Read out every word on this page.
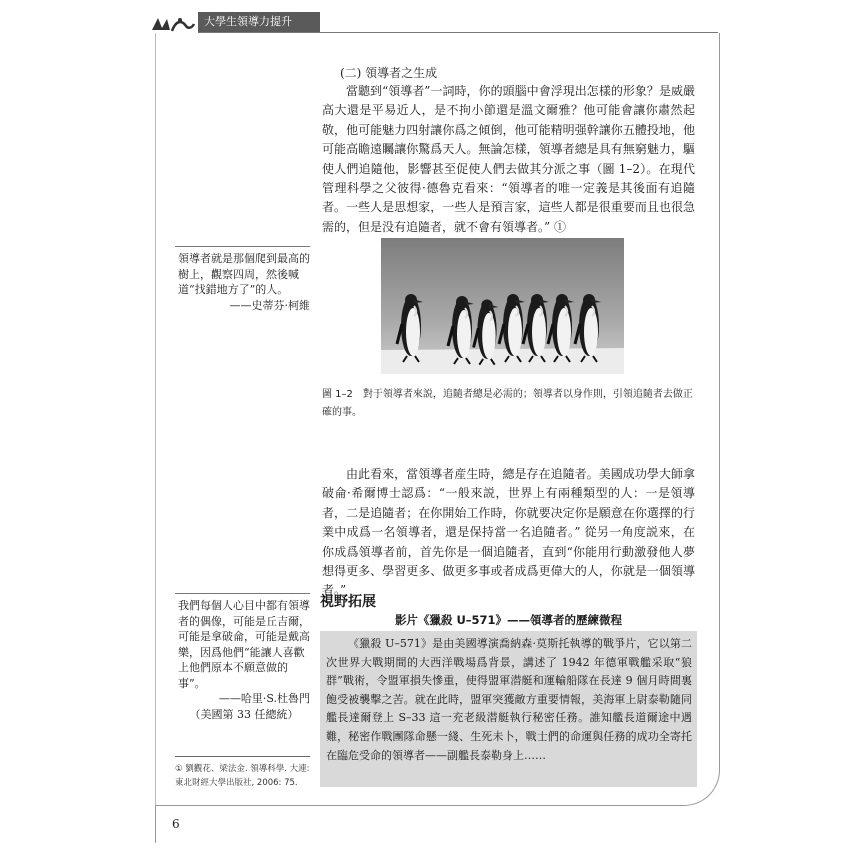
大學生領導力提升
(二) 領導者之生成
當聽到“領導者”一詞時，你的頭腦中會浮現出怎樣的形象？是威嚴高大還是平易近人，是不拘小節還是溫文爾雅？他可能會讓你肅然起敬，他可能魅力四射讓你爲之傾倒，他可能精明强幹讓你五體投地，他可能高瞻遠矚讓你驚爲天人。無論怎樣，領導者總是具有無窮魅力，驅使人們追隨他，影響甚至促使人們去做其分派之事（圖 1–2）。在現代管理科學之父彼得·德魯克看來：“領導者的唯一定義是其後面有追隨者。一些人是思想家，一些人是預言家，這些人都是很重要而且也很急需的，但是没有追隨者，就不會有領導者。” ①
圖 1–2　對于領導者來説，追隨者總是必需的；領導者以身作則，引領追隨者去做正確的事。
由此看來，當領導者産生時，總是存在追隨者。美國成功學大師拿破侖·希爾博士認爲：“一般來説，世界上有兩種類型的人：一是領導者，二是追隨者；在你開始工作時，你就要决定你是願意在你選擇的行業中成爲一名領導者，還是保持當一名追隨者。” 從另一角度説來，在你成爲領導者前，首先你是一個追隨者，直到“你能用行動激發他人夢想得更多、學習更多、做更多事或者成爲更偉大的人，你就是一個領導者。”

領導者就是那個爬到最高的樹上，觀察四周，然後喊道“找錯地方了”的人。

——史蒂芬·柯維

我們每個人心目中都有領導者的偶像，可能是丘吉爾，可能是拿破侖，可能是戴高樂，因爲他們“能讓人喜歡上他們原本不願意做的事”。

——哈里·S.杜魯門

（美國第 33 任總統）

視野拓展
影片《獵殺 U–571》——領導者的歷練微程
《獵殺 U–571》是由美國導演喬納森·莫斯托執導的戰爭片，它以第二次世界大戰期間的大西洋戰場爲背景，講述了 1942 年德軍戰艦采取“狼群”戰術，令盟軍損失慘重，使得盟軍潜艇和運輸船隊在長達 9 個月時間裏飽受被襲擊之苦。就在此時，盟軍突獲敵方重要情報，美海軍上尉泰勒隨同艦長達爾登上 S–33 這一充老級潜艇執行秘密任務。誰知艦長道爾途中遇難，秘密作戰團隊命懸一綫、生死未卜，戰士們的命運與任務的成功全寄托在臨危受命的領導者——副艦長泰勒身上……
① 劉觀花、梁法金. 領導科學. 大連: 東北財經大學出版社, 2006: 75.
6
